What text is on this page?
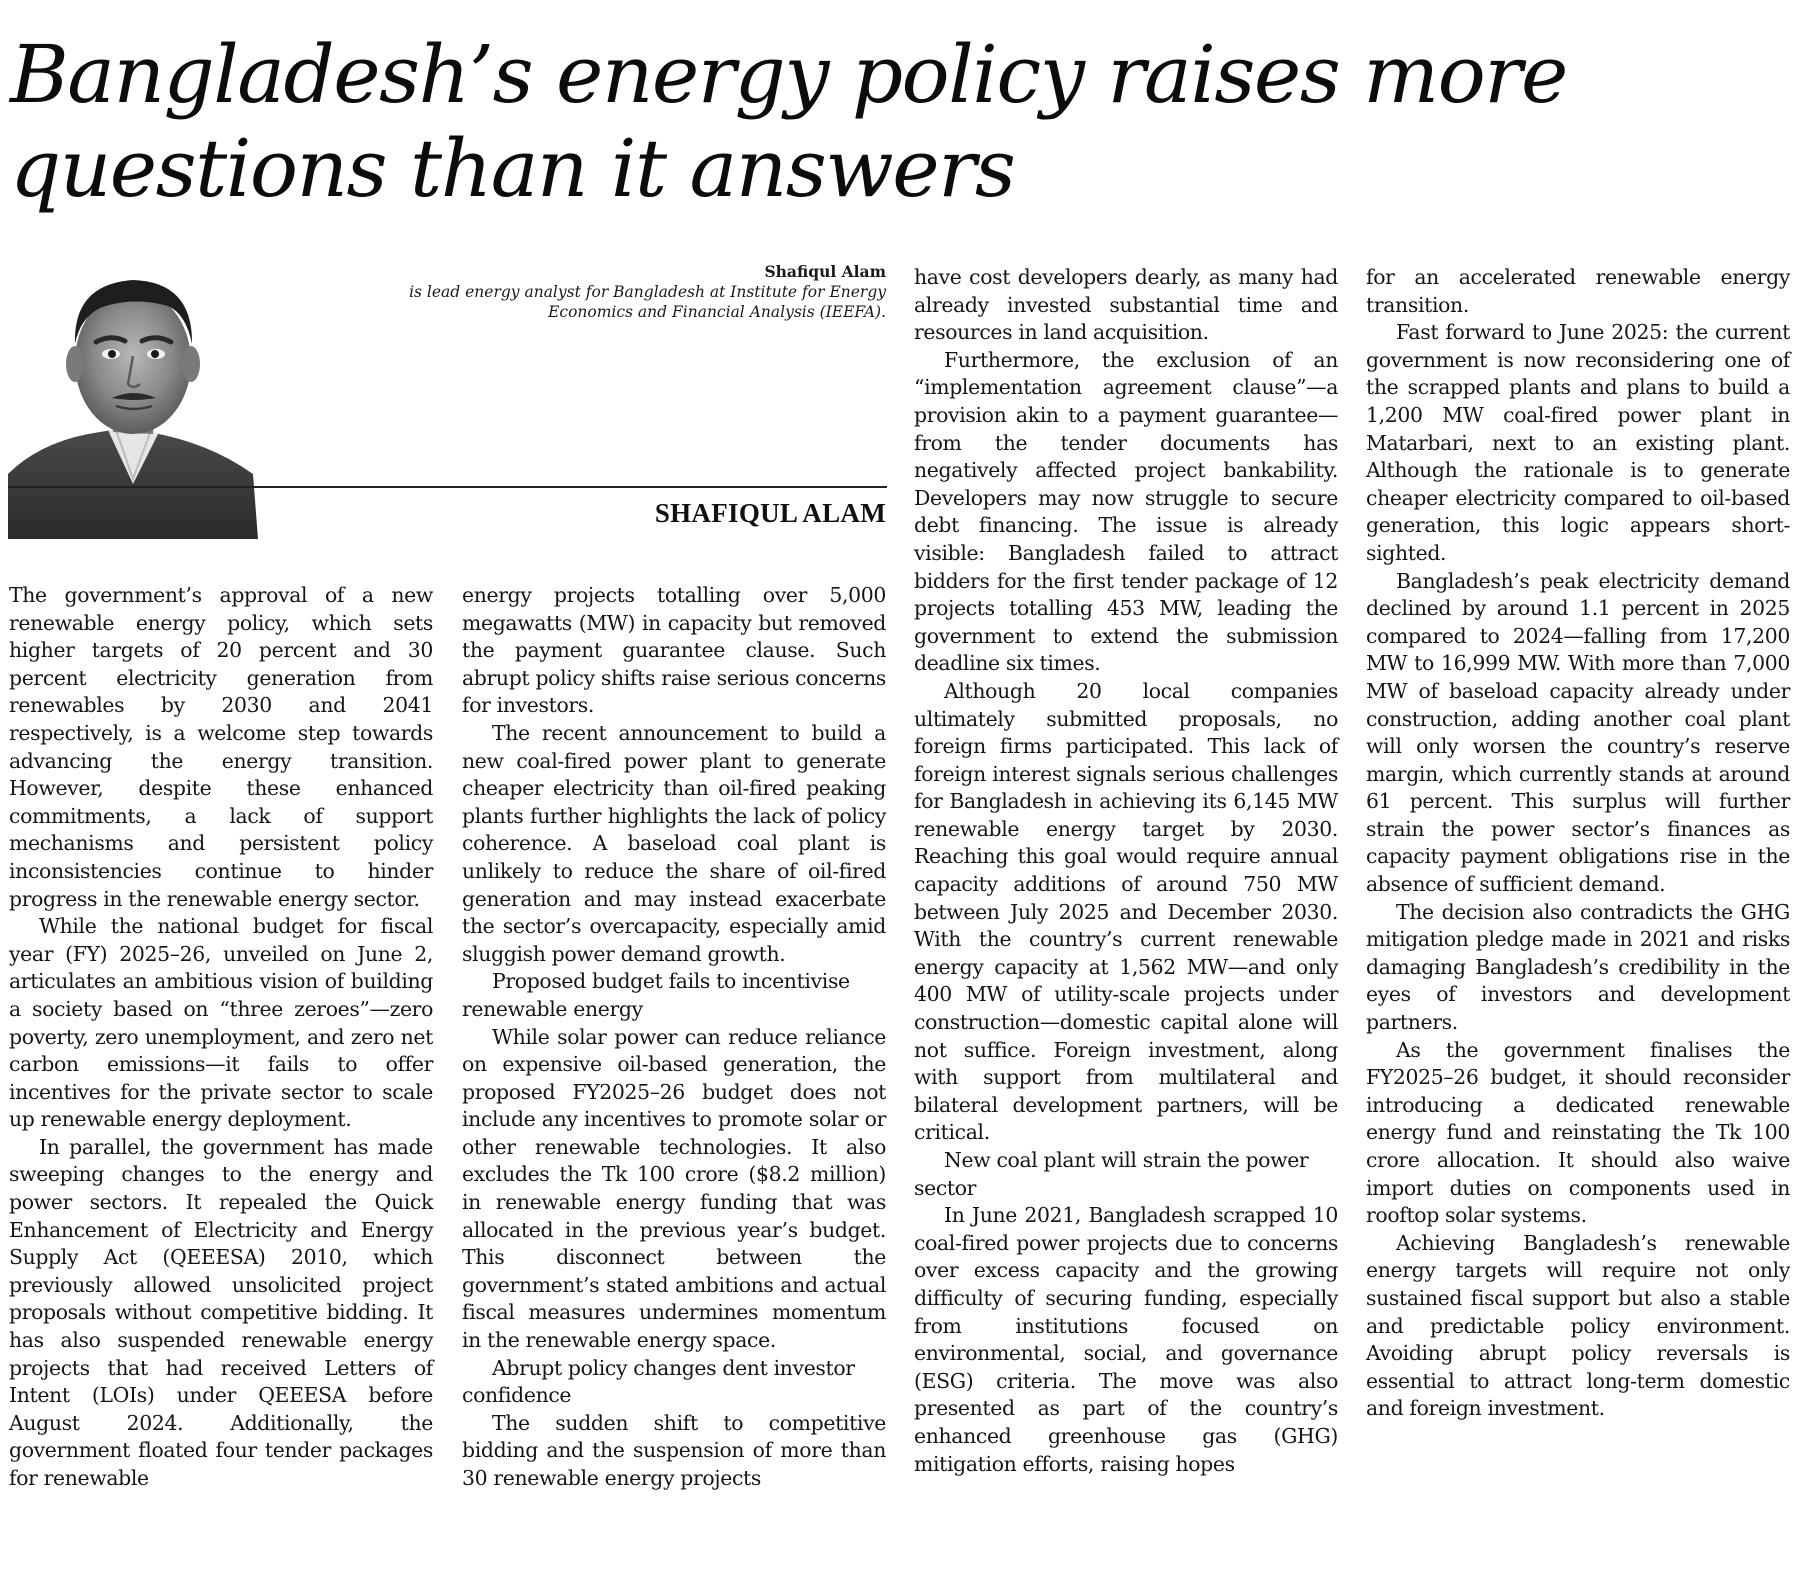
Bangladesh’s energy policy raises more questions than it answers
Shafiqul Alam
is lead energy analyst for Bangladesh at Institute for Energy Economics and Financial Analysis (IEEFA).
SHAFIQUL ALAM

The government’s approval of a new renewable energy policy, which sets higher targets of 20 percent and 30 percent electricity generation from renewables by 2030 and 2041 respectively, is a welcome step towards advancing the energy transition. However, despite these enhanced commitments, a lack of support mechanisms and persistent policy inconsistencies continue to hinder progress in the renewable energy sector.

While the national budget for fiscal year (FY) 2025–26, unveiled on June 2, articulates an ambitious vision of building a society based on “three zeroes”—zero poverty, zero unemployment, and zero net carbon emissions—it fails to offer incentives for the private sector to scale up renewable energy deployment.

In parallel, the government has made sweeping changes to the energy and power sectors. It repealed the Quick Enhancement of Electricity and Energy Supply Act (QEEESA) 2010, which previously allowed unsolicited project proposals without competitive bidding. It has also suspended renewable energy projects that had received Letters of Intent (LOIs) under QEEESA before August 2024. Additionally, the government floated four tender packages for renewable

energy projects totalling over 5,000 megawatts (MW) in capacity but removed the payment guarantee clause. Such abrupt policy shifts raise serious concerns for investors.

The recent announcement to build a new coal-fired power plant to generate cheaper electricity than oil-fired peaking plants further highlights the lack of policy coherence. A baseload coal plant is unlikely to reduce the share of oil-fired generation and may instead exacerbate the sector’s overcapacity, especially amid sluggish power demand growth.

Proposed budget fails to incentivise renewable energy

While solar power can reduce reliance on expensive oil-based generation, the proposed FY2025–26 budget does not include any incentives to promote solar or other renewable technologies. It also excludes the Tk 100 crore ($8.2 million) in renewable energy funding that was allocated in the previous year’s budget. This disconnect between the government’s stated ambitions and actual fiscal measures undermines momentum in the renewable energy space.

Abrupt policy changes dent investor confidence

The sudden shift to competitive bidding and the suspension of more than 30 renewable energy projects

have cost developers dearly, as many had already invested substantial time and resources in land acquisition.

Furthermore, the exclusion of an “implementation agreement clause”—a provision akin to a payment guarantee—from the tender documents has negatively affected project bankability. Developers may now struggle to secure debt financing. The issue is already visible: Bangladesh failed to attract bidders for the first tender package of 12 projects totalling 453 MW, leading the government to extend the submission deadline six times.

Although 20 local companies ultimately submitted proposals, no foreign firms participated. This lack of foreign interest signals serious challenges for Bangladesh in achieving its 6,145 MW renewable energy target by 2030. Reaching this goal would require annual capacity additions of around 750 MW between July 2025 and December 2030. With the country’s current renewable energy capacity at 1,562 MW—and only 400 MW of utility-scale projects under construction—domestic capital alone will not suffice. Foreign investment, along with support from multilateral and bilateral development partners, will be critical.

New coal plant will strain the power sector

In June 2021, Bangladesh scrapped 10 coal-fired power projects due to concerns over excess capacity and the growing difficulty of securing funding, especially from institutions focused on environmental, social, and governance (ESG) criteria. The move was also presented as part of the country’s enhanced greenhouse gas (GHG) mitigation efforts, raising hopes

for an accelerated renewable energy transition.

Fast forward to June 2025: the current government is now reconsidering one of the scrapped plants and plans to build a 1,200 MW coal-fired power plant in Matarbari, next to an existing plant. Although the rationale is to generate cheaper electricity compared to oil-based generation, this logic appears short-sighted.

Bangladesh’s peak electricity demand declined by around 1.1 percent in 2025 compared to 2024—falling from 17,200 MW to 16,999 MW. With more than 7,000 MW of baseload capacity already under construction, adding another coal plant will only worsen the country’s reserve margin, which currently stands at around 61 percent. This surplus will further strain the power sector’s finances as capacity payment obligations rise in the absence of sufficient demand.

The decision also contradicts the GHG mitigation pledge made in 2021 and risks damaging Bangladesh’s credibility in the eyes of investors and development partners.

As the government finalises the FY2025–26 budget, it should reconsider introducing a dedicated renewable energy fund and reinstating the Tk 100 crore allocation. It should also waive import duties on components used in rooftop solar systems.

Achieving Bangladesh’s renewable energy targets will require not only sustained fiscal support but also a stable and predictable policy environment. Avoiding abrupt policy reversals is essential to attract long-term domestic and foreign investment.
